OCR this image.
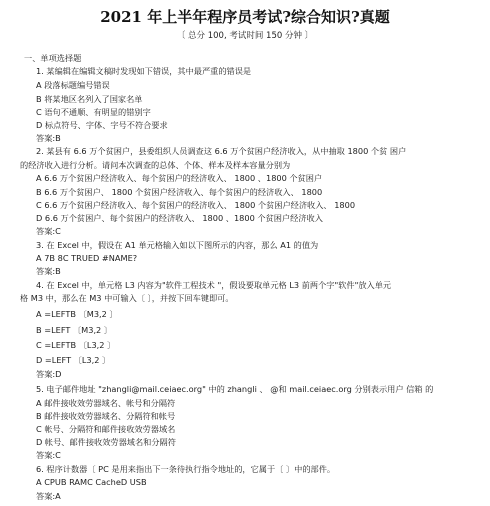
2021 年上半年程序员考试?综合知识?真题
〔 总分 100, 考试时间 150 分钟 〕
一、单项选择题
1. 某编辑在编辑文稿时发现如下错误，其中最严重的错误是
A 段落标题编号错误
B 将某地区名列入了国家名单
C 语句不通顺、有明显的错别字
D 标点符号、字体、字号不符合要求
答案:B
2. 某县有 6.6 万个贫困户，县委组织人员调查这 6.6 万个贫困户经济收入，从中抽取 1800 个贫 困户
的经济收入进行分析。请问本次调查的总体、个体、样本及样本容量分别为
A 6.6 万个贫困户经济收入、每个贫困户的经济收入、 1800 、1800 个贫困户
B 6.6 万个贫困户、 1800 个贫困户经济收入、每个贫困户的经济收入、 1800
C 6.6 万个贫困户经济收入、每个贫困户的经济收入、 1800 个贫困户经济收入、 1800
D 6.6 万个贫困户、每个贫困户的经济收入、 1800 、1800 个贫困户经济收入
答案:C
3. 在 Excel 中，假设在 A1 单元格输入如以下图所示的内容，那么 A1 的值为
A 7B 8C TRUED #NAME?
答案:B
4. 在 Excel 中，单元格 L3 内容为"软件工程技术 "，假设要取单元格 L3 前两个字"软件"放入单元
格 M3 中，那么在 M3 中可输入〔 〕，并按下回车键即可。
A =LEFTB 〔M3,2 〕
B =LEFT 〔M3,2 〕
C =LEFTB 〔L3,2 〕
D =LEFT 〔L3,2 〕
答案:D
5. 电子邮件地址 "zhangli@mail.ceiaec.org" 中的 zhangli 、 @和 mail.ceiaec.org 分别表示用户 信箱 的
A 邮件接收效劳器域名、帐号和分隔符
B 邮件接收效劳器域名、分隔符和帐号
C 帐号、分隔符和邮件接收效劳器域名
D 帐号、邮件接收效劳器域名和分隔符
答案:C
6. 程序计数器〔 PC 是用来指出下一条待执行指令地址的，它属于〔 〕中的部件。
A CPUB RAMC CacheD USB
答案:A
